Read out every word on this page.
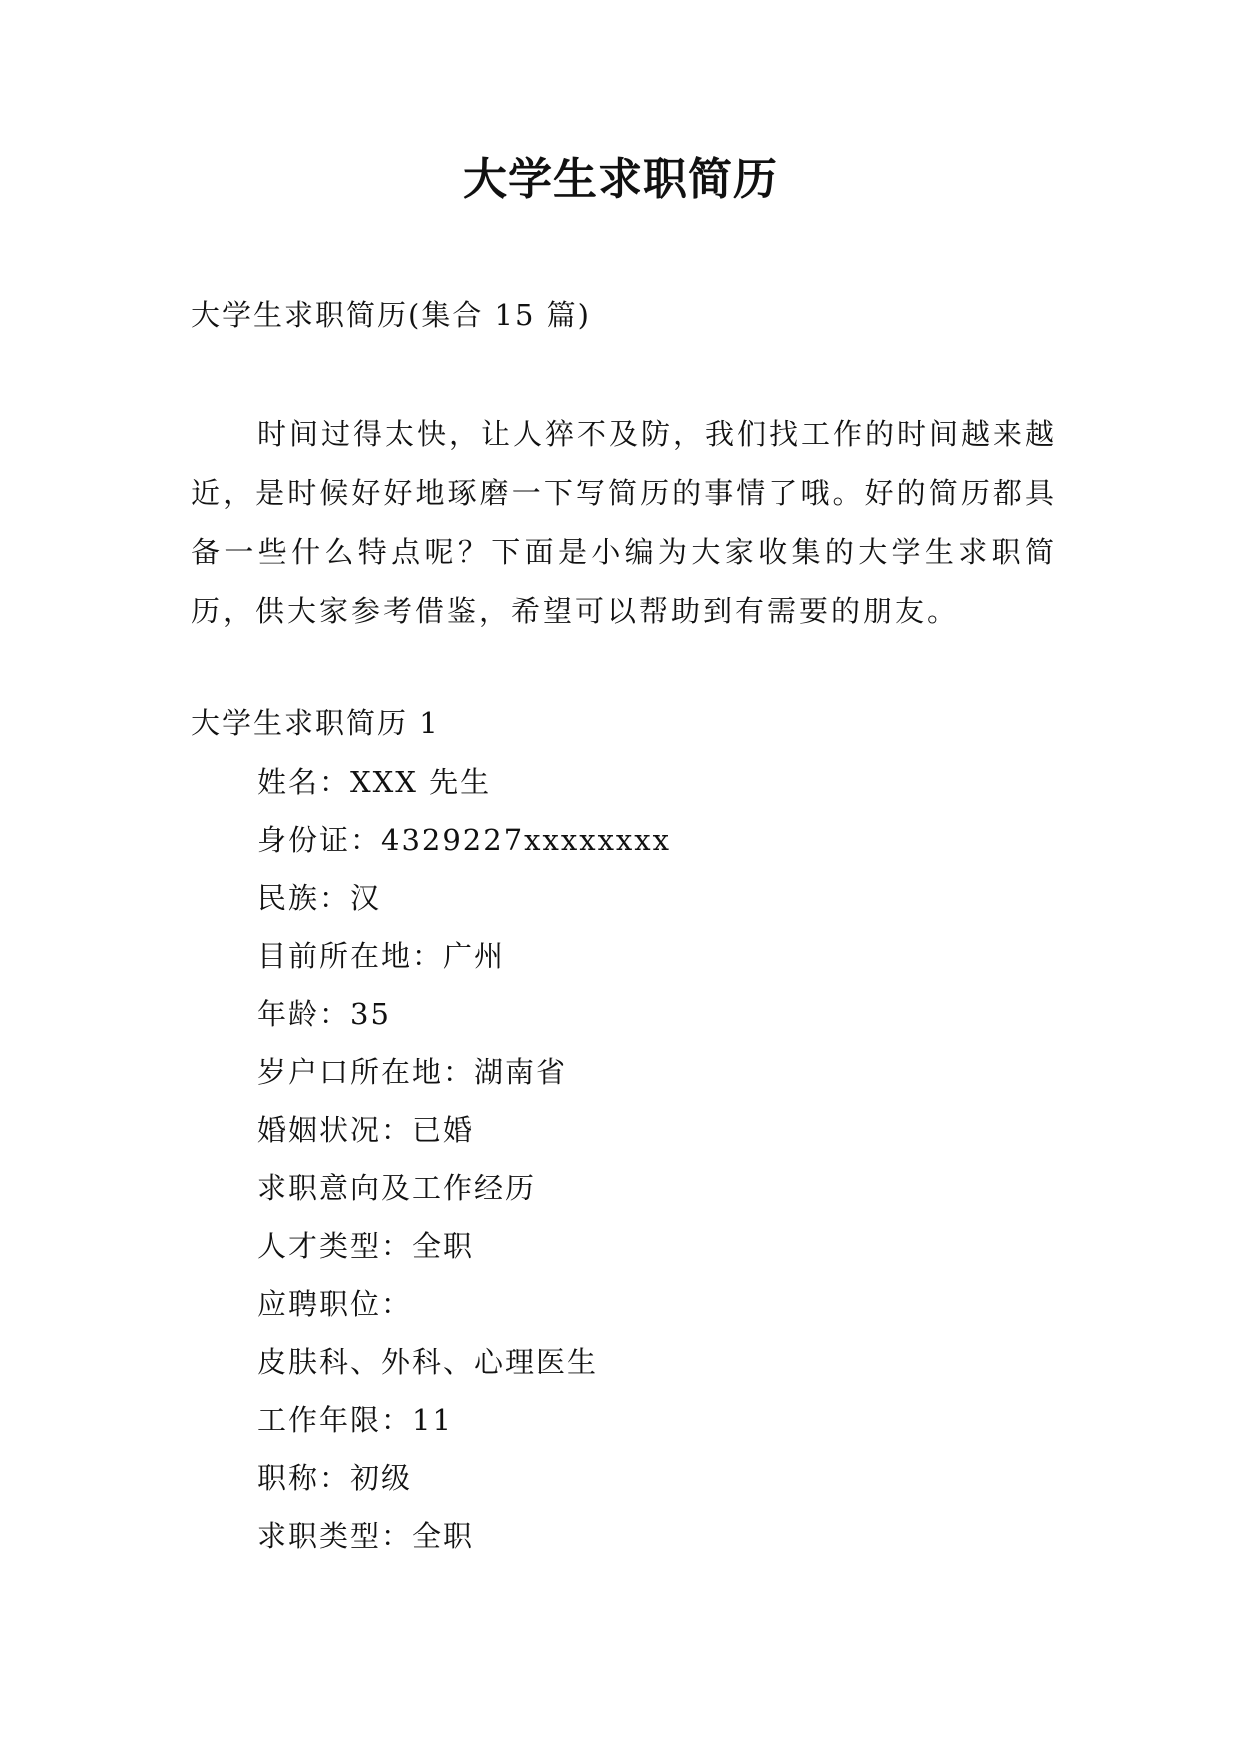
大学生求职简历
大学生求职简历(集合 15 篇)

时间过得太快，让人猝不及防，我们找工作的时间越来越近，是时候好好地琢磨一下写简历的事情了哦。好的简历都具备一些什么特点呢？下面是小编为大家收集的大学生求职简历，供大家参考借鉴，希望可以帮助到有需要的朋友。

大学生求职简历 1
姓名：XXX 先生
身份证：4329227xxxxxxxx
民族：汉
目前所在地：广州
年龄：35
岁户口所在地：湖南省
婚姻状况：已婚
求职意向及工作经历
人才类型：全职
应聘职位：
皮肤科、外科、心理医生
工作年限：11
职称：初级
求职类型：全职
